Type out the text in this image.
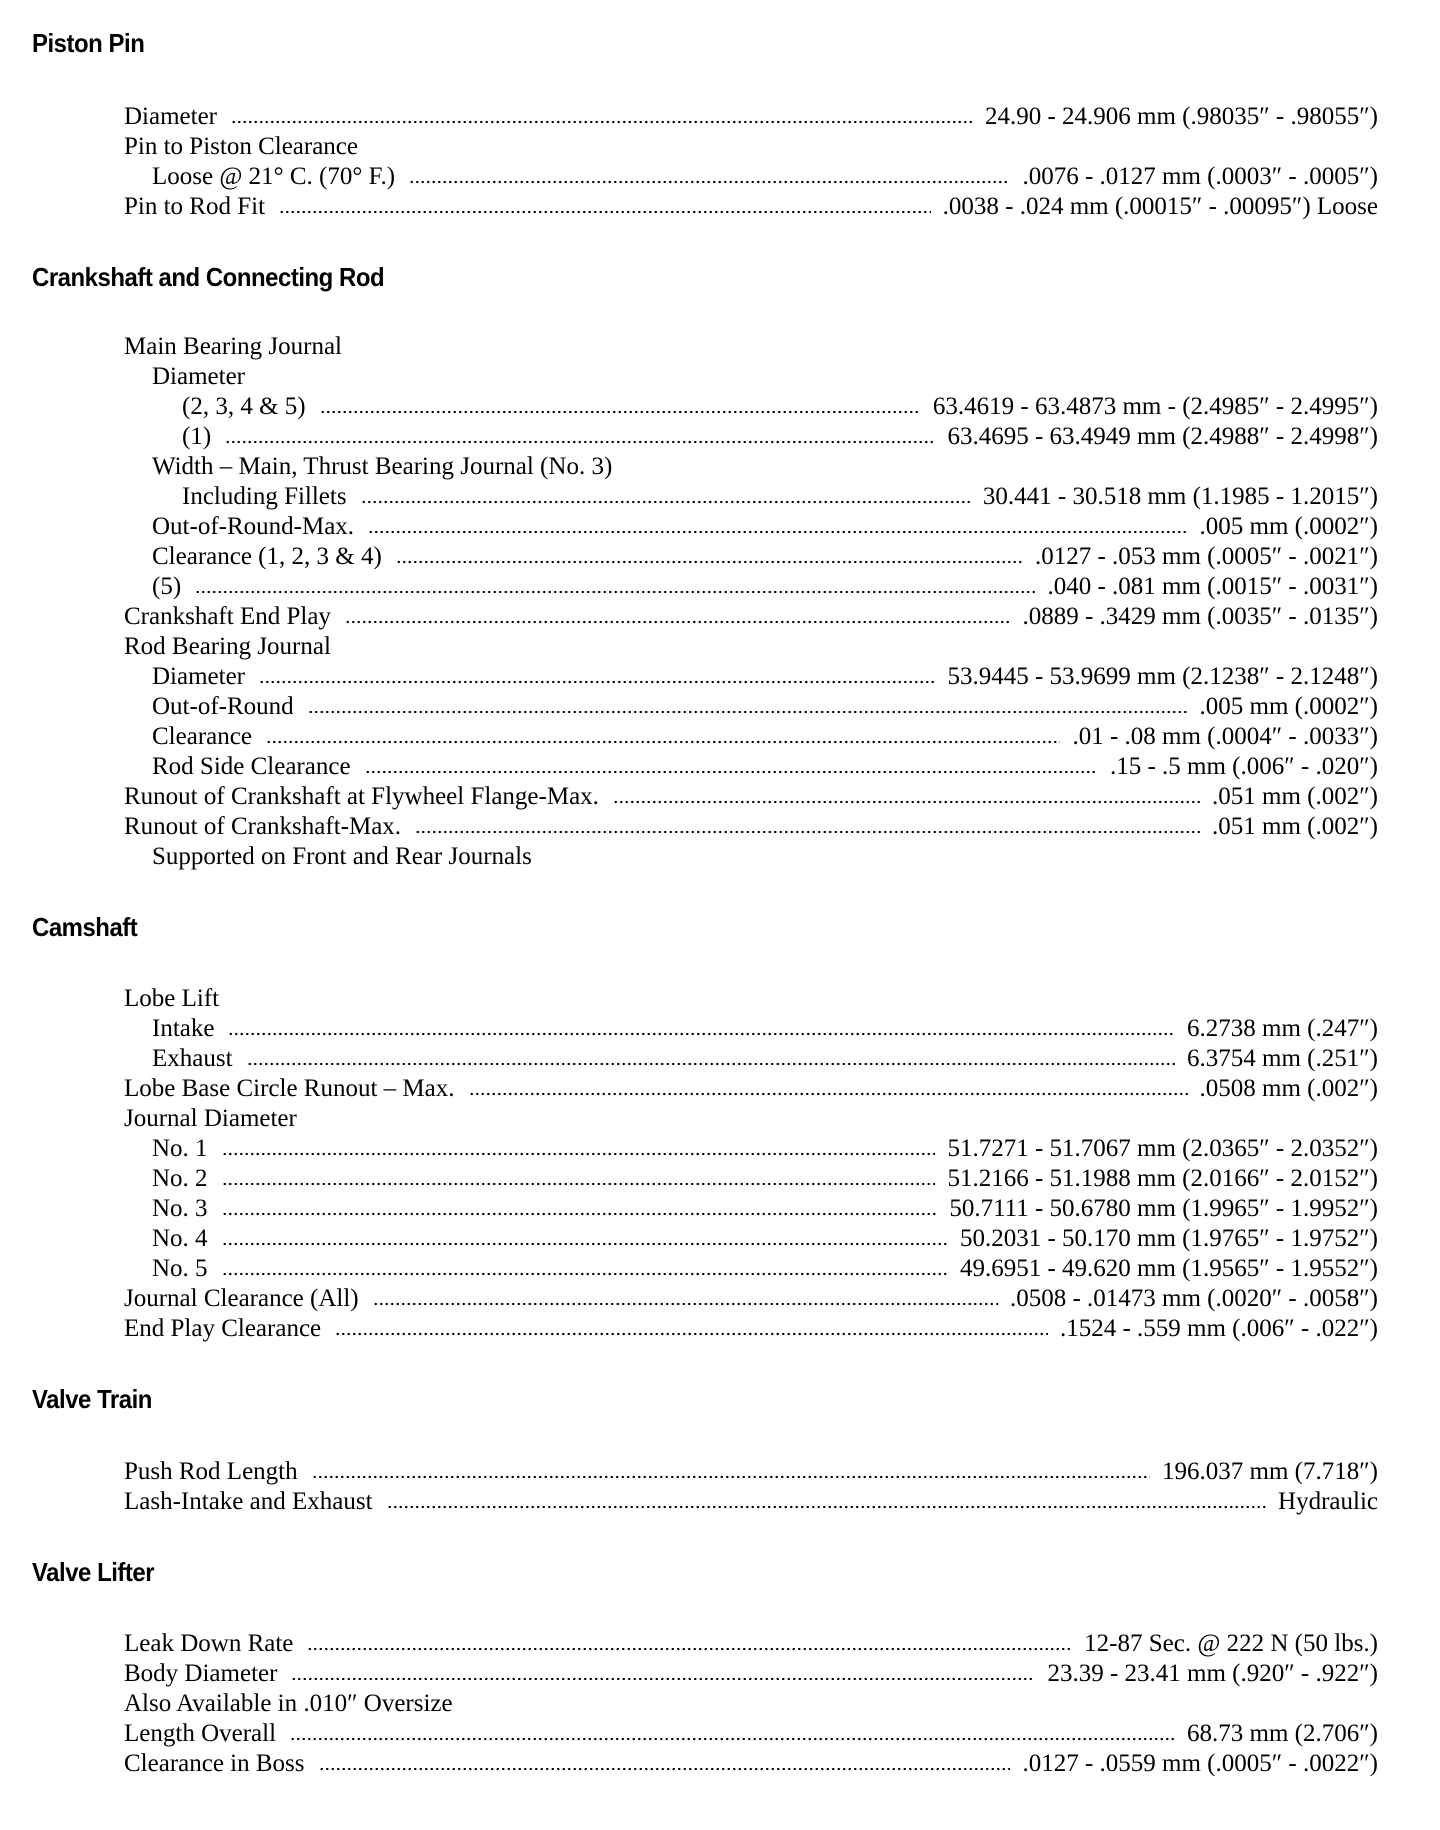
Piston Pin
Diameter	24.90 - 24.906 mm (.98035″ - .98055″)
Pin to Piston Clearance
Loose @ 21° C. (70° F.)	.0076 - .0127 mm (.0003″ - .0005″)
Pin to Rod Fit	.0038 - .024 mm (.00015″ - .00095″) Loose
Crankshaft and Connecting Rod
Main Bearing Journal
Diameter
(2, 3, 4 & 5)	63.4619 - 63.4873 mm - (2.4985″ - 2.4995″)
(1)	63.4695 - 63.4949 mm (2.4988″ - 2.4998″)
Width – Main, Thrust Bearing Journal (No. 3)
Including Fillets	30.441 - 30.518 mm (1.1985 - 1.2015″)
Out-of-Round-Max.	.005 mm (.0002″)
Clearance (1, 2, 3 & 4)	.0127 - .053 mm (.0005″ - .0021″)
(5)	.040 - .081 mm (.0015″ - .0031″)
Crankshaft End Play	.0889 - .3429 mm (.0035″ - .0135″)
Rod Bearing Journal
Diameter	53.9445 - 53.9699 mm (2.1238″ - 2.1248″)
Out-of-Round	.005 mm (.0002″)
Clearance	.01 - .08 mm (.0004″ - .0033″)
Rod Side Clearance	.15 - .5 mm (.006″ - .020″)
Runout of Crankshaft at Flywheel Flange-Max.	.051 mm (.002″)
Runout of Crankshaft-Max.	.051 mm (.002″)
Supported on Front and Rear Journals
Camshaft
Lobe Lift
Intake	6.2738 mm (.247″)
Exhaust	6.3754 mm (.251″)
Lobe Base Circle Runout – Max.	.0508 mm (.002″)
Journal Diameter
No. 1	51.7271 - 51.7067 mm (2.0365″ - 2.0352″)
No. 2	51.2166 - 51.1988 mm (2.0166″ - 2.0152″)
No. 3	50.7111 - 50.6780 mm (1.9965″ - 1.9952″)
No. 4	50.2031 - 50.170 mm (1.9765″ - 1.9752″)
No. 5	49.6951 - 49.620 mm (1.9565″ - 1.9552″)
Journal Clearance (All)	.0508 - .01473 mm (.0020″ - .0058″)
End Play Clearance	.1524 - .559 mm (.006″ - .022″)
Valve Train
Push Rod Length	196.037 mm (7.718″)
Lash-Intake and Exhaust	Hydraulic
Valve Lifter
Leak Down Rate	12-87 Sec. @ 222 N (50 lbs.)
Body Diameter	23.39 - 23.41 mm (.920″ - .922″)
Also Available in .010″ Oversize
Length Overall	68.73 mm (2.706″)
Clearance in Boss	.0127 - .0559 mm (.0005″ - .0022″)
